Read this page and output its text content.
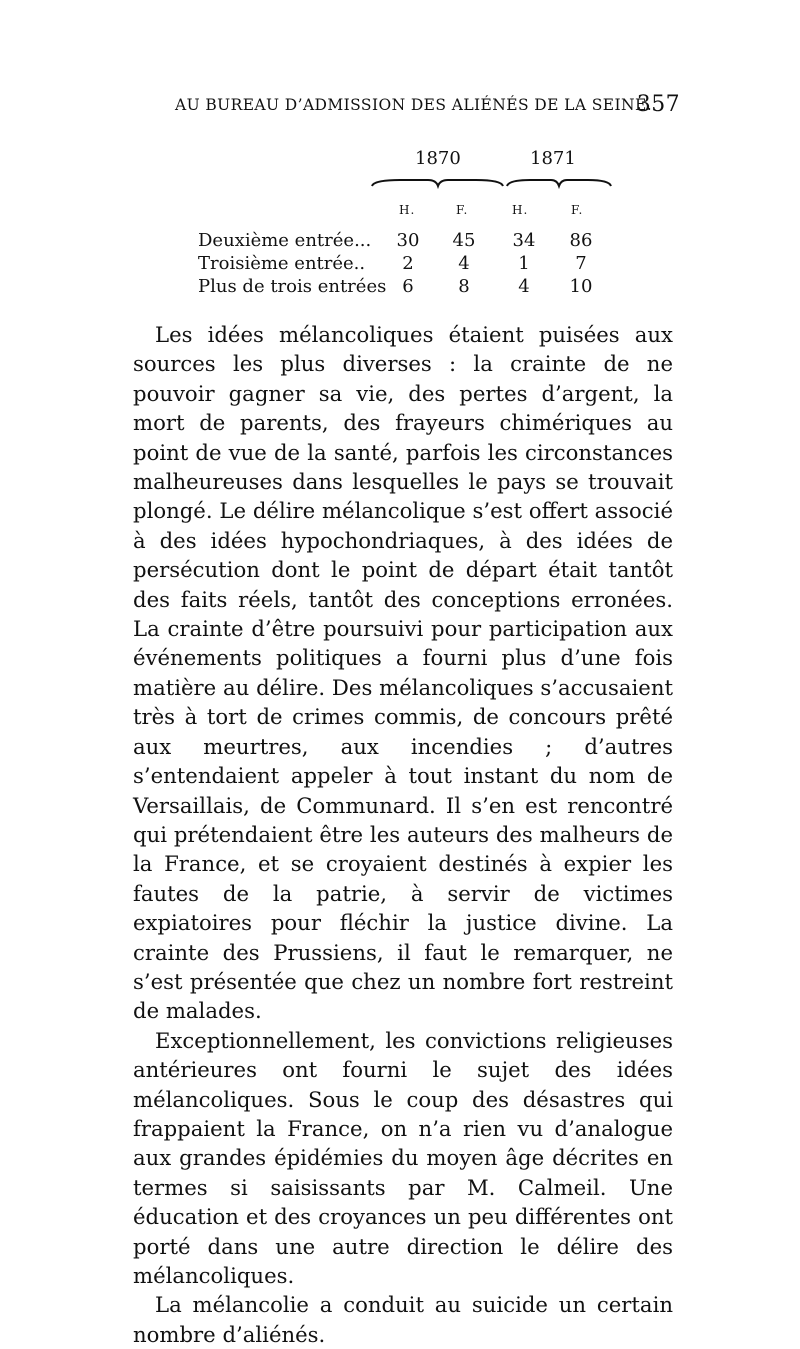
AU BUREAU D’ADMISSION DES ALIÉNÉS DE LA SEINE.
357
1870	1871
H.	F.	H.	F.
Deuxième entrée...	30	45	34	86
Troisième entrée..	2	4	1	7
Plus de trois entrées 6	8	4	10

Les idées mélancoliques étaient puisées aux sources les plus diverses : la crainte de ne pouvoir gagner sa vie, des pertes d’argent, la mort de parents, des frayeurs chimériques au point de vue de la santé, parfois les circonstances malheureuses dans lesquelles le pays se trouvait plongé. Le délire mélancolique s’est offert associé à des idées hypochondriaques, à des idées de persécution dont le point de départ était tantôt des faits réels, tantôt des conceptions erronées. La crainte d’être poursuivi pour participation aux événements politiques a fourni plus d’une fois matière au délire. Des mélancoliques s’accusaient très à tort de crimes commis, de concours prêté aux meurtres, aux incendies ; d’autres s’entendaient appeler à tout instant du nom de Versaillais, de Communard. Il s’en est rencontré qui prétendaient être les auteurs des malheurs de la France, et se croyaient destinés à expier les fautes de la patrie, à servir de victimes expiatoires pour fléchir la justice divine. La crainte des Prussiens, il faut le remarquer, ne s’est présentée que chez un nombre fort restreint de malades.

Exceptionnellement, les convictions religieuses antérieures ont fourni le sujet des idées mélancoliques. Sous le coup des désastres qui frappaient la France, on n’a rien vu d’analogue aux grandes épidémies du moyen âge décrites en termes si saisissants par M. Calmeil. Une éducation et des croyances un peu différentes ont porté dans une autre direction le délire des mélancoliques.

La mélancolie a conduit au suicide un certain nombre d’aliénés.
